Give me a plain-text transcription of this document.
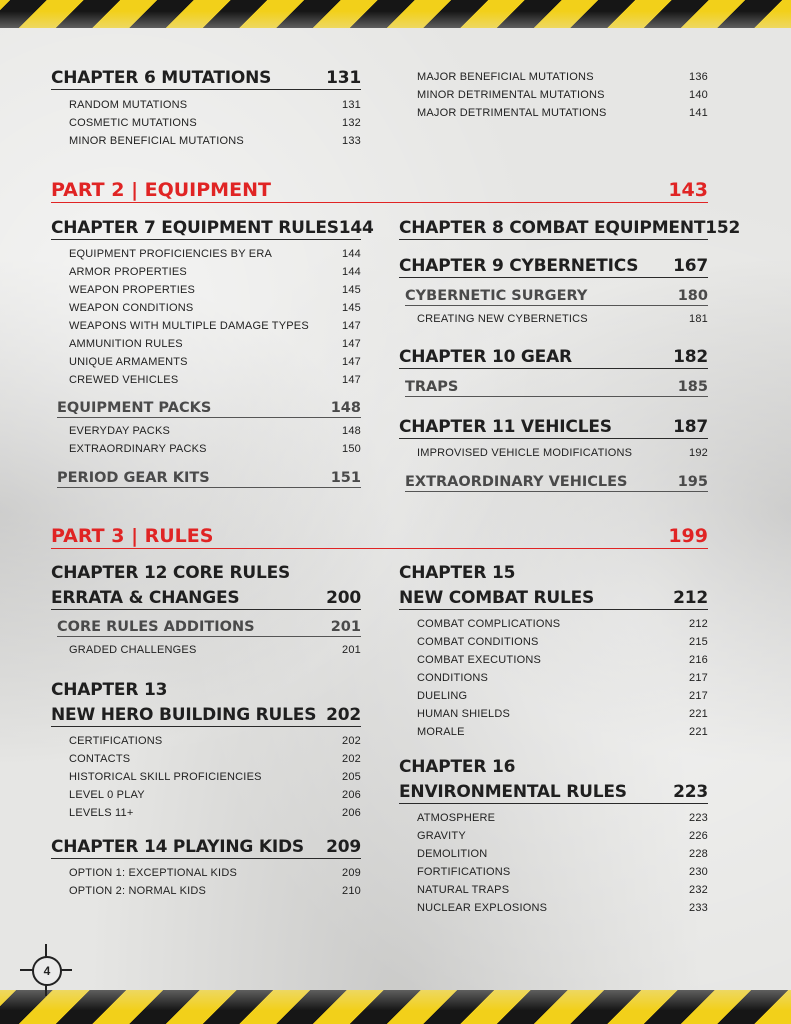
CHAPTER 6 MUTATIONS	131
RANDOM MUTATIONS	131
COSMETIC MUTATIONS	132
MINOR BENEFICIAL MUTATIONS	133
MAJOR BENEFICIAL MUTATIONS	136
MINOR DETRIMENTAL MUTATIONS	140
MAJOR DETRIMENTAL MUTATIONS	141
PART 2 | EQUIPMENT	143
CHAPTER 7 EQUIPMENT RULES 144
EQUIPMENT PROFICIENCIES BY ERA	144
ARMOR PROPERTIES	144
WEAPON PROPERTIES	145
WEAPON CONDITIONS	145
WEAPONS WITH MULTIPLE DAMAGE TYPES	147
AMMUNITION RULES	147
UNIQUE ARMAMENTS	147
CREWED VEHICLES	147
EQUIPMENT PACKS	148
EVERYDAY PACKS	148
EXTRAORDINARY PACKS	150
PERIOD GEAR KITS	151
CHAPTER 8 COMBAT EQUIPMENT 152
CHAPTER 9 CYBERNETICS 167
CYBERNETIC SURGERY	180
CREATING NEW CYBERNETICS	181
CHAPTER 10 GEAR	182
TRAPS	185
CHAPTER 11 VEHICLES	187
IMPROVISED VEHICLE MODIFICATIONS	192
EXTRAORDINARY VEHICLES	195
PART 3 | RULES	199
CHAPTER 12 CORE RULES
ERRATA & CHANGES	200
CORE RULES ADDITIONS	201
GRADED CHALLENGES	201
CHAPTER 13
NEW HERO BUILDING RULES 202
CERTIFICATIONS	202
CONTACTS	202
HISTORICAL SKILL PROFICIENCIES	205
LEVEL 0 PLAY	206
LEVELS 11+	206
CHAPTER 14 PLAYING KIDS 209
OPTION 1: EXCEPTIONAL KIDS	209
OPTION 2: NORMAL KIDS	210
CHAPTER 15
NEW COMBAT RULES	212
COMBAT COMPLICATIONS	212
COMBAT CONDITIONS	215
COMBAT EXECUTIONS	216
CONDITIONS	217
DUELING	217
HUMAN SHIELDS	221
MORALE	221
CHAPTER 16
ENVIRONMENTAL RULES	223
ATMOSPHERE	223
GRAVITY	226
DEMOLITION	228
FORTIFICATIONS	230
NATURAL TRAPS	232
NUCLEAR EXPLOSIONS	233
4
